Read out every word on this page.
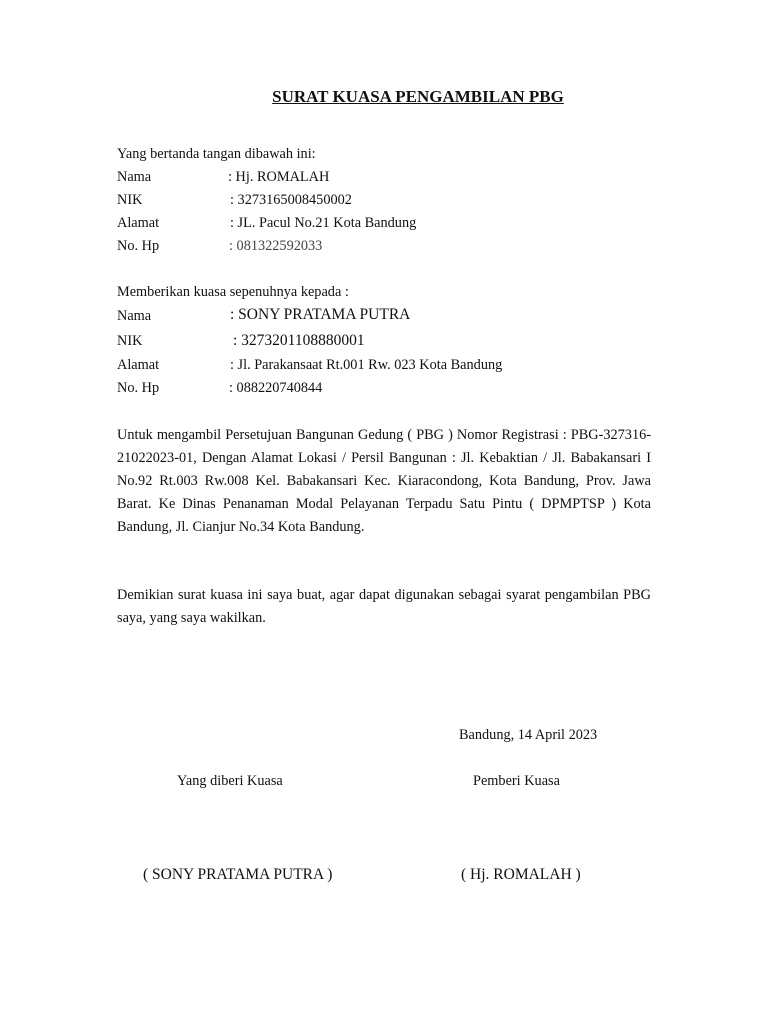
SURAT KUASA PENGAMBILAN PBG
Yang bertanda tangan dibawah ini:
Nama	: Hj. ROMALAH
NIK	: 3273165008450002
Alamat	: JL. Pacul No.21 Kota Bandung
No. Hp	: 081322592033
Memberikan kuasa sepenuhnya kepada :
Nama	: SONY PRATAMA PUTRA
NIK	: 3273201108880001
Alamat	: Jl. Parakansaat Rt.001 Rw. 023 Kota Bandung
No. Hp	: 088220740844
Untuk mengambil Persetujuan Bangunan Gedung ( PBG ) Nomor Registrasi : PBG-327316-21022023-01, Dengan Alamat Lokasi / Persil Bangunan : Jl. Kebaktian / Jl. Babakansari I No.92 Rt.003 Rw.008 Kel. Babakansari Kec. Kiaracondong, Kota Bandung, Prov. Jawa Barat. Ke Dinas Penanaman Modal Pelayanan Terpadu Satu Pintu ( DPMPTSP ) Kota Bandung, Jl. Cianjur No.34 Kota Bandung.
Demikian surat kuasa ini saya buat, agar dapat digunakan sebagai syarat pengambilan PBG saya, yang saya wakilkan.
Bandung, 14 April 2023
Yang diberi Kuasa	Pemberi Kuasa
( SONY PRATAMA PUTRA )	( Hj. ROMALAH )
